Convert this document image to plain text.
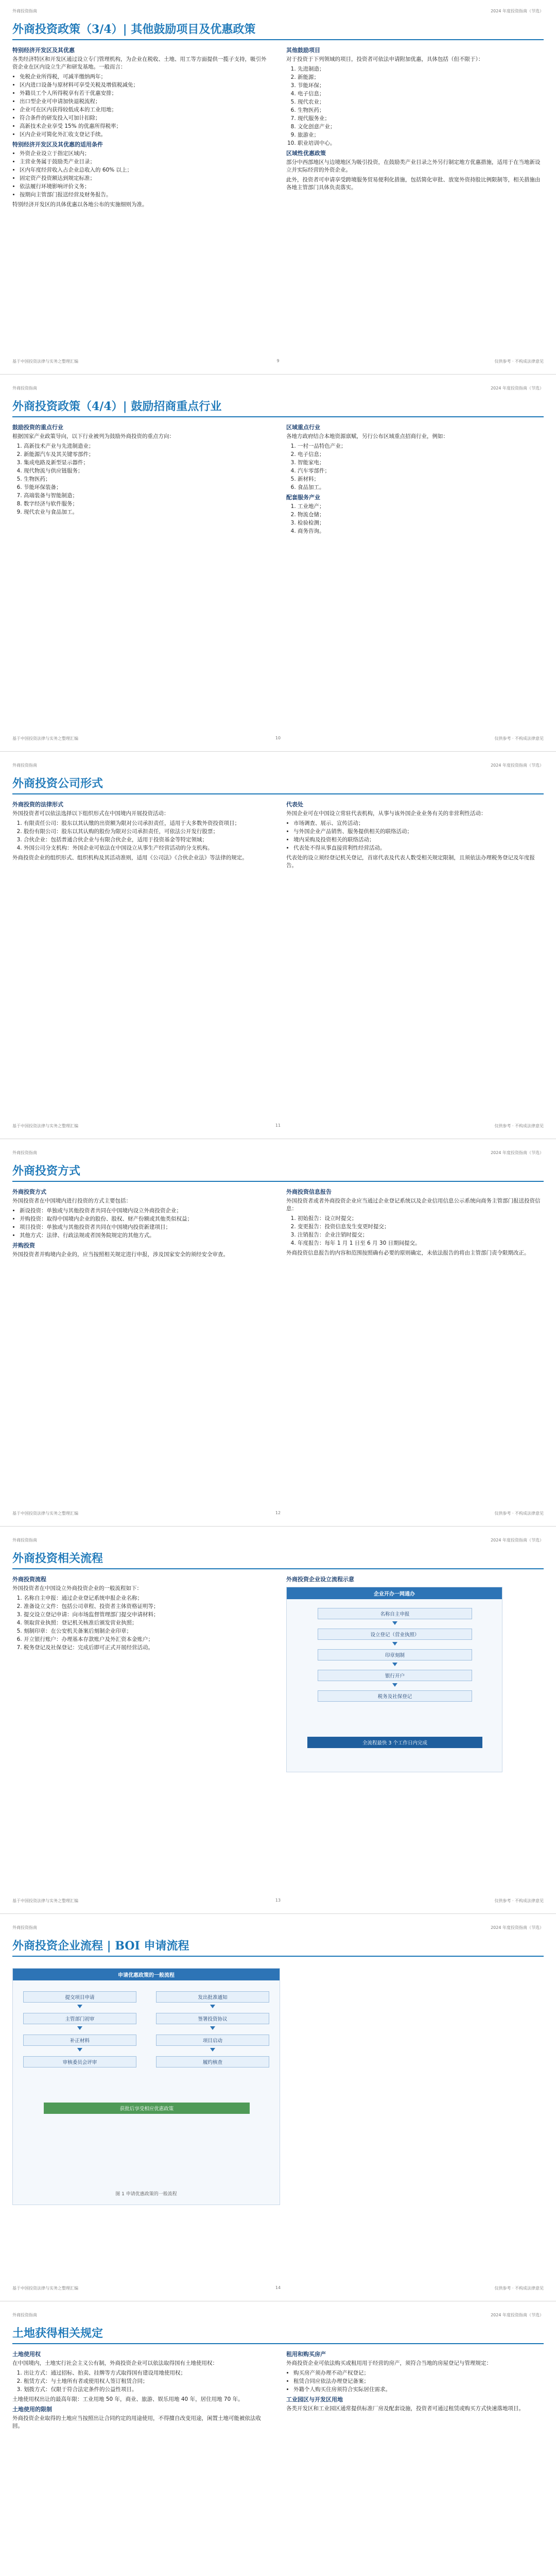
外商投资指南	2024 年度投资指南（节选）
外商投资政策（3/4）| 其他鼓励项目及优惠政策
特别经济开发区及其优惠

各类经济特区和开发区通过设立专门管理机构，为企业在税收、土地、用工等方面提供一揽子支持，吸引外资企业在区内设立生产和研发基地。一般而言：

• 免税企业所得税，可减半缴纳两年；
• 区内进口设备与原材料可享受关税及增值税减免；
• 外籍员工个人所得税享有若干优惠安排；
• 出口型企业可申请加快退税流程；
• 企业可在区内获得较低成本的工业用地；
• 符合条件的研发投入可加计扣除；
• 高新技术企业享受 15% 的优惠所得税率；
• 区内企业可简化外汇收支登记手续。
特别经济开发区及其优惠的适用条件
• 外资企业设立于指定区域内；
• 主营业务属于鼓励类产业目录；
• 区内年度经营收入占企业总收入的 60% 以上；
• 固定资产投资额达到规定标准；
• 依法履行环境影响评价义务；
• 按期向主管部门报送经营及财务报告。

特别经济开发区的具体优惠以各地公布的实施细则为准。

其他鼓励项目

对于投资于下列领域的项目，投资者可依法申请附加优惠，具体包括（但不限于）：

1. 先进制造；
2. 新能源；
3. 节能环保；
4. 电子信息；
5. 现代农业；
6. 生物医药；
7. 现代服务业；
8. 文化创意产业；
9. 旅游业；
10. 职业培训中心。
区域性优惠政策

部分中西部地区与边境地区为吸引投资，在鼓励类产业目录之外另行制定地方优惠措施，适用于在当地新设立并实际经营的外资企业。

此外，投资者可申请享受跨境服务贸易便利化措施，包括简化审批、放宽外资持股比例限制等，相关措施由各地主管部门具体负责落实。

基于中国投资法律与实务之整理汇编	9	仅供参考 · 不构成法律意见
外商投资指南	2024 年度投资指南（节选）
外商投资政策（4/4）| 鼓励招商重点行业
鼓励投资的重点行业

根据国家产业政策导向，以下行业被列为鼓励外商投资的重点方向：

1. 高新技术产业与先进制造业；
2. 新能源汽车及其关键零部件；
3. 集成电路及新型显示器件；
4. 现代物流与供应链服务；
5. 生物医药；
6. 节能环保装备；
7. 高端装备与智能制造；
8. 数字经济与软件服务；
9. 现代农业与食品加工。
区域重点行业

各地方政府结合本地资源禀赋，另行公布区域重点招商行业，例如：

1. 一村一品特色产业；
2. 电子信息；
3. 智能家电；
4. 汽车零部件；
5. 新材料；
6. 食品加工。
配套服务产业
1. 工业地产；
2. 物流仓储；
3. 检验检测；
4. 商务咨询。
基于中国投资法律与实务之整理汇编	10	仅供参考 · 不构成法律意见
外商投资指南	2024 年度投资指南（节选）
外商投资公司形式
外商投资的法律形式

外国投资者可以依法选择以下组织形式在中国境内开展投资活动：

1. 有限责任公司：股东以其认缴的出资额为限对公司承担责任，适用于大多数外资投资项目；
2. 股份有限公司：股东以其认购的股份为限对公司承担责任，可依法公开发行股票；
3. 合伙企业：包括普通合伙企业与有限合伙企业，适用于投资基金等特定领域；
4. 外国公司分支机构：外国企业可依法在中国设立从事生产经营活动的分支机构。

外商投资企业的组织形式、组织机构及其活动准则，适用《公司法》《合伙企业法》等法律的规定。

代表处

外国企业可在中国设立常驻代表机构，从事与该外国企业业务有关的非营利性活动：

• 市场调查、展示、宣传活动；
• 与外国企业产品销售、服务提供相关的联络活动；
• 境内采购及投资相关的联络活动；
• 代表处不得从事直接营利性经营活动。

代表处的设立须经登记机关登记，首席代表及代表人数受相关规定限制，且须依法办理税务登记及年度报告。

基于中国投资法律与实务之整理汇编	11	仅供参考 · 不构成法律意见
外商投资指南	2024 年度投资指南（节选）
外商投资方式
外商投资方式

外国投资者在中国境内进行投资的方式主要包括：

• 新设投资：单独或与其他投资者共同在中国境内设立外商投资企业；
• 并购投资：取得中国境内企业的股份、股权、财产份额或其他类似权益；
• 项目投资：单独或与其他投资者共同在中国境内投资新建项目；
• 其他方式：法律、行政法规或者国务院规定的其他方式。
并购投资

外国投资者并购境内企业的，应当按照相关规定进行申报，涉及国家安全的须经安全审查。

外商投资信息报告

外国投资者或者外商投资企业应当通过企业登记系统以及企业信用信息公示系统向商务主管部门报送投资信息：

1. 初始报告：设立时提交；
2. 变更报告：投资信息发生变更时提交；
3. 注销报告：企业注销时提交；
4. 年度报告：每年 1 月 1 日至 6 月 30 日期间提交。

外商投资信息报告的内容和范围按照确有必要的原则确定，未依法报告的将由主管部门责令限期改正。

基于中国投资法律与实务之整理汇编	12	仅供参考 · 不构成法律意见
外商投资指南	2024 年度投资指南（节选）
外商投资相关流程
外商投资流程

外国投资者在中国设立外商投资企业的一般流程如下：

1. 名称自主申报：通过企业登记系统申报企业名称；
2. 准备设立文件：包括公司章程、投资者主体资格证明等；
3. 提交设立登记申请：向市场监督管理部门提交申请材料；
4. 领取营业执照：登记机关核准后颁发营业执照；
5. 刻制印章：在公安机关备案后刻制企业印章；
6. 开立银行账户：办理基本存款账户及外汇资本金账户；
7. 税务登记及社保登记：完成后即可正式开展经营活动。
外商投资企业设立流程示意
企业开办一网通办
名称自主申报
设立登记（营业执照）
印章刻制
银行开户
税务及社保登记
全流程最快 3 个工作日内完成
基于中国投资法律与实务之整理汇编	13	仅供参考 · 不构成法律意见
外商投资指南	2024 年度投资指南（节选）
外商投资企业流程 | BOI 申请流程
申请优惠政策的一般流程
提交项目申请
主管部门初审
补正材料
审核委员会评审
发出批准通知
签署投资协议
项目启动
履约核查
获批后享受相应优惠政策
图 1 申请优惠政策的一般流程
基于中国投资法律与实务之整理汇编	14	仅供参考 · 不构成法律意见
外商投资指南	2024 年度投资指南（节选）
土地获得相关规定
土地使用权

在中国境内，土地实行社会主义公有制，外商投资企业可以依法取得国有土地使用权：

1. 出让方式：通过招标、拍卖、挂牌等方式取得国有建设用地使用权；
2. 租赁方式：与土地所有者或使用权人签订租赁合同；
3. 划拨方式：仅限于符合法定条件的公益性项目。

土地使用权出让的最高年限：工业用地 50 年，商业、旅游、娱乐用地 40 年，居住用地 70 年。

土地使用的限制

外商投资企业取得的土地应当按照出让合同约定的用途使用，不得擅自改变用途，闲置土地可能被依法收回。

租用和购买房产

外商投资企业可依法购买或租用用于经营的房产，须符合当地的房屋登记与管理规定：

• 购买房产须办理不动产权登记；
• 租赁合同应依法办理登记备案；
• 外籍个人购买住房须符合实际居住需求。
工业园区与开发区用地

各类开发区和工业园区通常提供标准厂房及配套设施，投资者可通过租赁或购买方式快速落地项目。
